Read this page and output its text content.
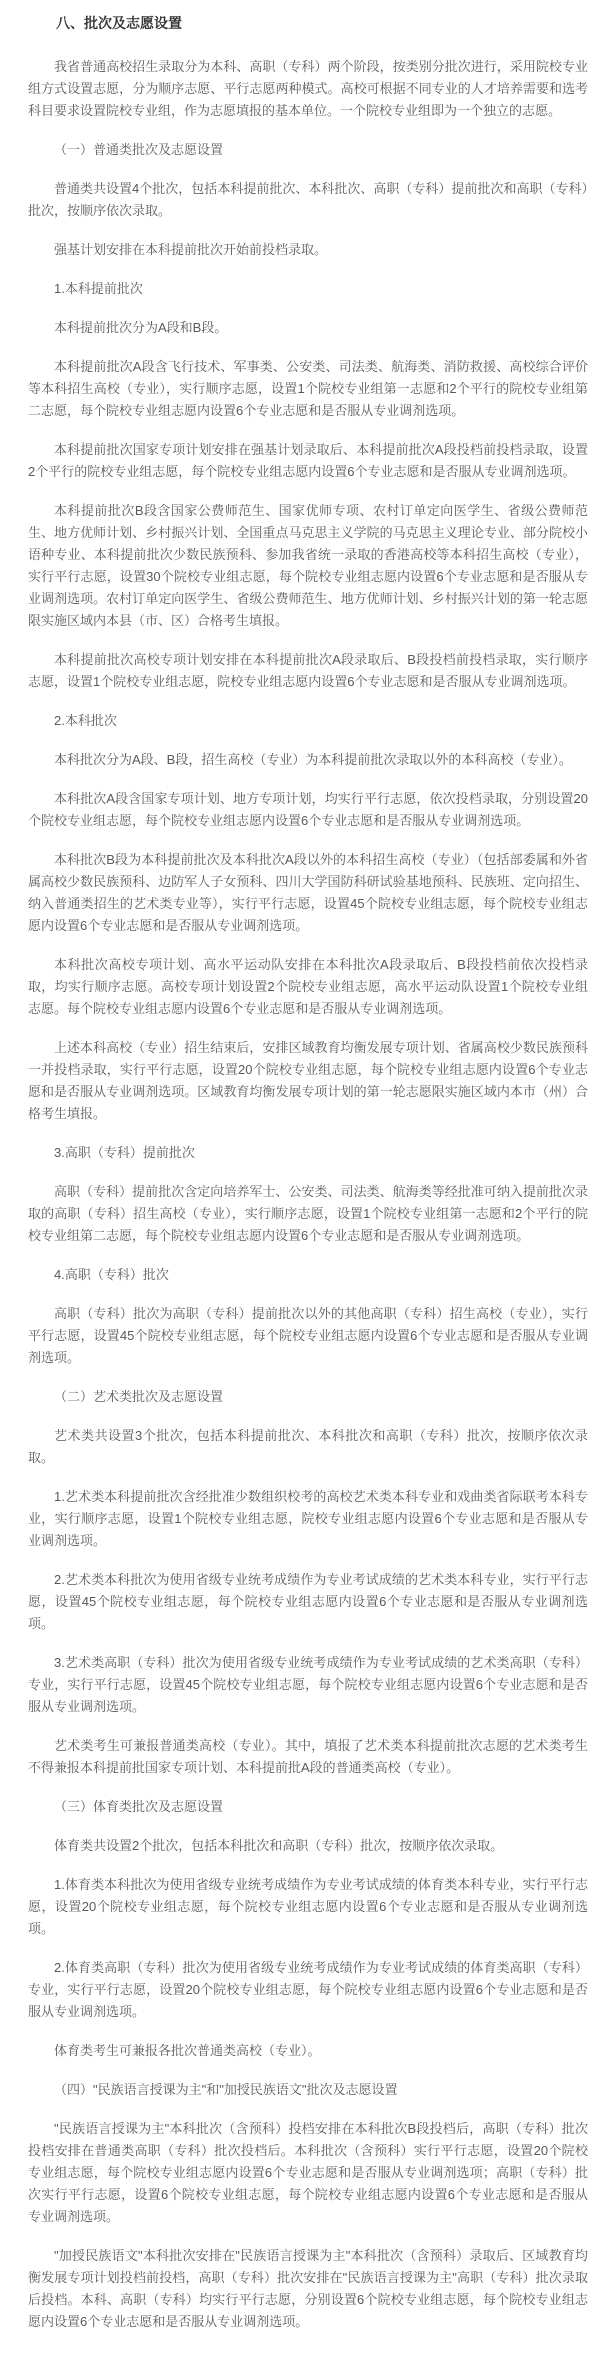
八、批次及志愿设置

我省普通高校招生录取分为本科、高职（专科）两个阶段，按类别分批次进行，采用院校专业组方式设置志愿，分为顺序志愿、平行志愿两种模式。高校可根据不同专业的人才培养需要和选考科目要求设置院校专业组，作为志愿填报的基本单位。一个院校专业组即为一个独立的志愿。

（一）普通类批次及志愿设置

普通类共设置4个批次，包括本科提前批次、本科批次、高职（专科）提前批次和高职（专科）批次，按顺序依次录取。

强基计划安排在本科提前批次开始前投档录取。

1.本科提前批次

本科提前批次分为A段和B段。

本科提前批次A段含飞行技术、军事类、公安类、司法类、航海类、消防救援、高校综合评价等本科招生高校（专业），实行顺序志愿，设置1个院校专业组第一志愿和2个平行的院校专业组第二志愿，每个院校专业组志愿内设置6个专业志愿和是否服从专业调剂选项。

本科提前批次国家专项计划安排在强基计划录取后、本科提前批次A段投档前投档录取，设置2个平行的院校专业组志愿，每个院校专业组志愿内设置6个专业志愿和是否服从专业调剂选项。

本科提前批次B段含国家公费师范生、国家优师专项、农村订单定向医学生、省级公费师范生、地方优师计划、乡村振兴计划、全国重点马克思主义学院的马克思主义理论专业、部分院校小语种专业、本科提前批次少数民族预科、参加我省统一录取的香港高校等本科招生高校（专业），实行平行志愿，设置30个院校专业组志愿，每个院校专业组志愿内设置6个专业志愿和是否服从专业调剂选项。农村订单定向医学生、省级公费师范生、地方优师计划、乡村振兴计划的第一轮志愿限实施区域内本县（市、区）合格考生填报。

本科提前批次高校专项计划安排在本科提前批次A段录取后、B段投档前投档录取，实行顺序志愿，设置1个院校专业组志愿，院校专业组志愿内设置6个专业志愿和是否服从专业调剂选项。

2.本科批次

本科批次分为A段、B段，招生高校（专业）为本科提前批次录取以外的本科高校（专业）。

本科批次A段含国家专项计划、地方专项计划，均实行平行志愿，依次投档录取，分别设置20个院校专业组志愿，每个院校专业组志愿内设置6个专业志愿和是否服从专业调剂选项。

本科批次B段为本科提前批次及本科批次A段以外的本科招生高校（专业）（包括部委属和外省属高校少数民族预科、边防军人子女预科、四川大学国防科研试验基地预科、民族班、定向招生、纳入普通类招生的艺术类专业等），实行平行志愿，设置45个院校专业组志愿，每个院校专业组志愿内设置6个专业志愿和是否服从专业调剂选项。

本科批次高校专项计划、高水平运动队安排在本科批次A段录取后、B段投档前依次投档录取，均实行顺序志愿。高校专项计划设置2个院校专业组志愿，高水平运动队设置1个院校专业组志愿。每个院校专业组志愿内设置6个专业志愿和是否服从专业调剂选项。

上述本科高校（专业）招生结束后，安排区域教育均衡发展专项计划、省属高校少数民族预科一并投档录取，实行平行志愿，设置20个院校专业组志愿，每个院校专业组志愿内设置6个专业志愿和是否服从专业调剂选项。区域教育均衡发展专项计划的第一轮志愿限实施区域内本市（州）合格考生填报。

3.高职（专科）提前批次

高职（专科）提前批次含定向培养军士、公安类、司法类、航海类等经批准可纳入提前批次录取的高职（专科）招生高校（专业），实行顺序志愿，设置1个院校专业组第一志愿和2个平行的院校专业组第二志愿，每个院校专业组志愿内设置6个专业志愿和是否服从专业调剂选项。

4.高职（专科）批次

高职（专科）批次为高职（专科）提前批次以外的其他高职（专科）招生高校（专业），实行平行志愿，设置45个院校专业组志愿，每个院校专业组志愿内设置6个专业志愿和是否服从专业调剂选项。

（二）艺术类批次及志愿设置

艺术类共设置3个批次，包括本科提前批次、本科批次和高职（专科）批次，按顺序依次录取。

1.艺术类本科提前批次含经批准少数组织校考的高校艺术类本科专业和戏曲类省际联考本科专业，实行顺序志愿，设置1个院校专业组志愿，院校专业组志愿内设置6个专业志愿和是否服从专业调剂选项。

2.艺术类本科批次为使用省级专业统考成绩作为专业考试成绩的艺术类本科专业，实行平行志愿，设置45个院校专业组志愿，每个院校专业组志愿内设置6个专业志愿和是否服从专业调剂选项。

3.艺术类高职（专科）批次为使用省级专业统考成绩作为专业考试成绩的艺术类高职（专科）专业，实行平行志愿，设置45个院校专业组志愿，每个院校专业组志愿内设置6个专业志愿和是否服从专业调剂选项。

艺术类考生可兼报普通类高校（专业）。其中，填报了艺术类本科提前批次志愿的艺术类考生不得兼报本科提前批国家专项计划、本科提前批A段的普通类高校（专业）。

（三）体育类批次及志愿设置

体育类共设置2个批次，包括本科批次和高职（专科）批次，按顺序依次录取。

1.体育类本科批次为使用省级专业统考成绩作为专业考试成绩的体育类本科专业，实行平行志愿，设置20个院校专业组志愿，每个院校专业组志愿内设置6个专业志愿和是否服从专业调剂选项。

2.体育类高职（专科）批次为使用省级专业统考成绩作为专业考试成绩的体育类高职（专科）专业，实行平行志愿，设置20个院校专业组志愿，每个院校专业组志愿内设置6个专业志愿和是否服从专业调剂选项。

体育类考生可兼报各批次普通类高校（专业）。

（四）"民族语言授课为主"和"加授民族语文"批次及志愿设置

"民族语言授课为主"本科批次（含预科）投档安排在本科批次B段投档后，高职（专科）批次投档安排在普通类高职（专科）批次投档后。本科批次（含预科）实行平行志愿，设置20个院校专业组志愿，每个院校专业组志愿内设置6个专业志愿和是否服从专业调剂选项；高职（专科）批次实行平行志愿，设置6个院校专业组志愿，每个院校专业组志愿内设置6个专业志愿和是否服从专业调剂选项。

"加授民族语文"本科批次安排在"民族语言授课为主"本科批次（含预科）录取后、区域教育均衡发展专项计划投档前投档，高职（专科）批次安排在"民族语言授课为主"高职（专科）批次录取后投档。本科、高职（专科）均实行平行志愿，分别设置6个院校专业组志愿，每个院校专业组志愿内设置6个专业志愿和是否服从专业调剂选项。
